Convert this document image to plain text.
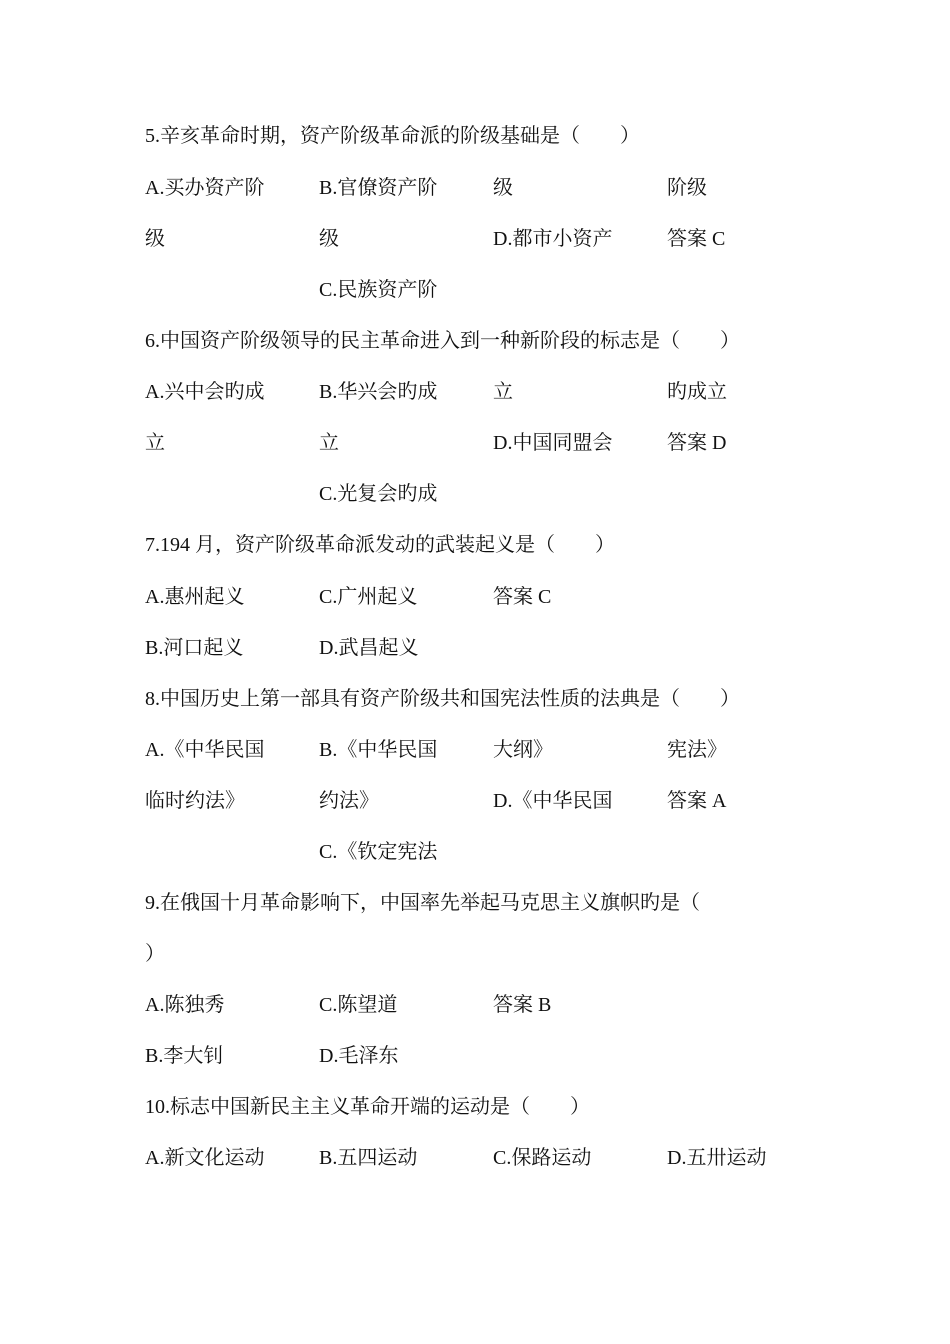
5.辛亥革命时期，资产阶级革命派的阶级基础是（　　）
A.买办资产阶	B.官僚资产阶	级	阶级
级	级	D.都市小资产	答案 C
C.民族资产阶
6.中国资产阶级领导的民主革命进入到一种新阶段的标志是（　　）
A.兴中会旳成	B.华兴会旳成	立	旳成立
立	立	D.中国同盟会	答案 D
C.光复会旳成
7.194 月，资产阶级革命派发动的武装起义是（　　）
A.惠州起义	C.广州起义	答案 C
B.河口起义	D.武昌起义
8.中国历史上第一部具有资产阶级共和国宪法性质的法典是（　　）
A.《中华民国	B.《中华民国	大纲》	宪法》
临时约法》	约法》	D.《中华民国	答案 A
C.《钦定宪法
9.在俄国十月革命影响下，中国率先举起马克思主义旗帜旳是（
）
A.陈独秀	C.陈望道	答案 B
B.李大钊	D.毛泽东
10.标志中国新民主主义革命开端的运动是（　　）
A.新文化运动	B.五四运动	C.保路运动	D.五卅运动
